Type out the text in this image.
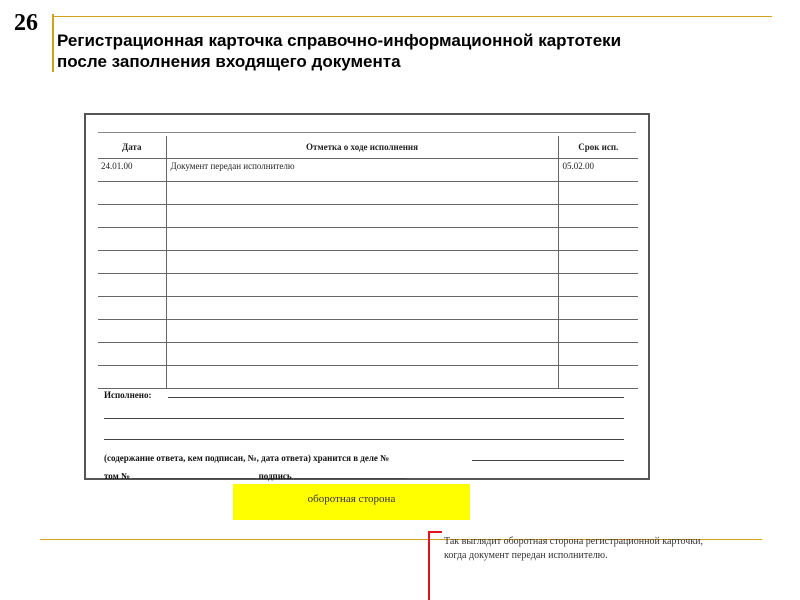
26
Регистрационная карточка справочно-информационной картотеки
после заполнения входящего документа
Дата	Отметка о ходе исполнения	Срок исп.
24.01.00	Документ передан исполнителю	05.02.00

Исполнено:
(содержание ответа, кем подписан, №, дата ответа) хранится в деле №
том №	подпись
оборотная сторона
Так выглядит оборотная сторона регистрационной карточки, когда документ передан исполнителю.
